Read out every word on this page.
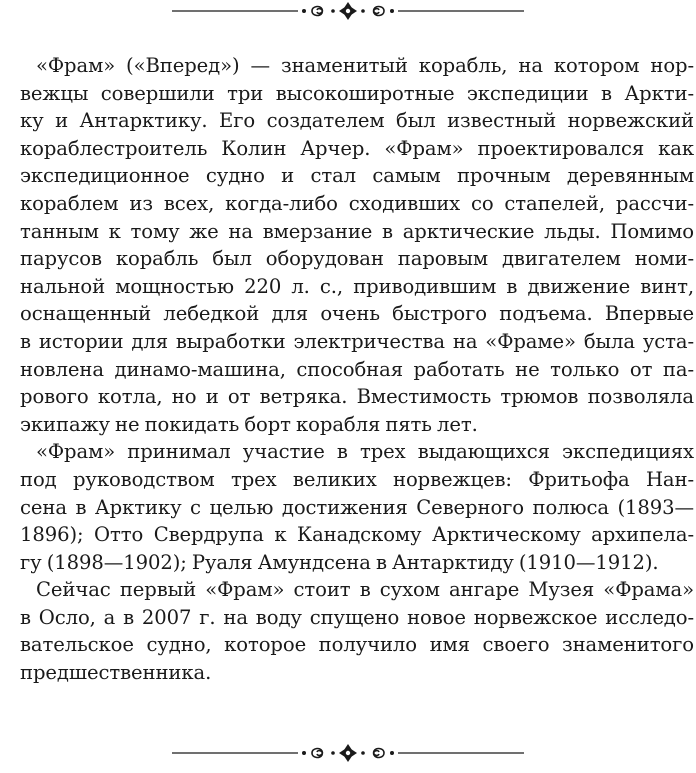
«Фрам» («Вперед») — знаменитый корабль, на котором нор-
вежцы совершили три высокоширотные экспедиции в Аркти-
ку и Антарктику. Его создателем был известный норвежский
кораблестроитель Колин Арчер. «Фрам» проектировался как
экспедиционное судно и стал самым прочным деревянным
кораблем из всех, когда-либо сходивших со стапелей, рассчи-
танным к тому же на вмерзание в арктические льды. Помимо
парусов корабль был оборудован паровым двигателем номи-
нальной мощностью 220 л. с., приводившим в движение винт,
оснащенный лебедкой для очень быстрого подъема. Впервые
в истории для выработки электричества на «Фраме» была уста-
новлена динамо-машина, способная работать не только от па-
рового котла, но и от ветряка. Вместимость трюмов позволяла
экипажу не покидать борт корабля пять лет.

«Фрам» принимал участие в трех выдающихся экспедициях
под руководством трех великих норвежцев: Фритьофа Нан-
сена в Арктику с целью достижения Северного полюса (1893—
1896); Отто Свердрупа к Канадскому Арктическому архипела-
гу (1898—1902); Руаля Амундсена в Антарктиду (1910—1912).

Сейчас первый «Фрам» стоит в сухом ангаре Музея «Фрама»
в Осло, а в 2007 г. на воду спущено новое норвежское исследо-
вательское судно, которое получило имя своего знаменитого
предшественника.
